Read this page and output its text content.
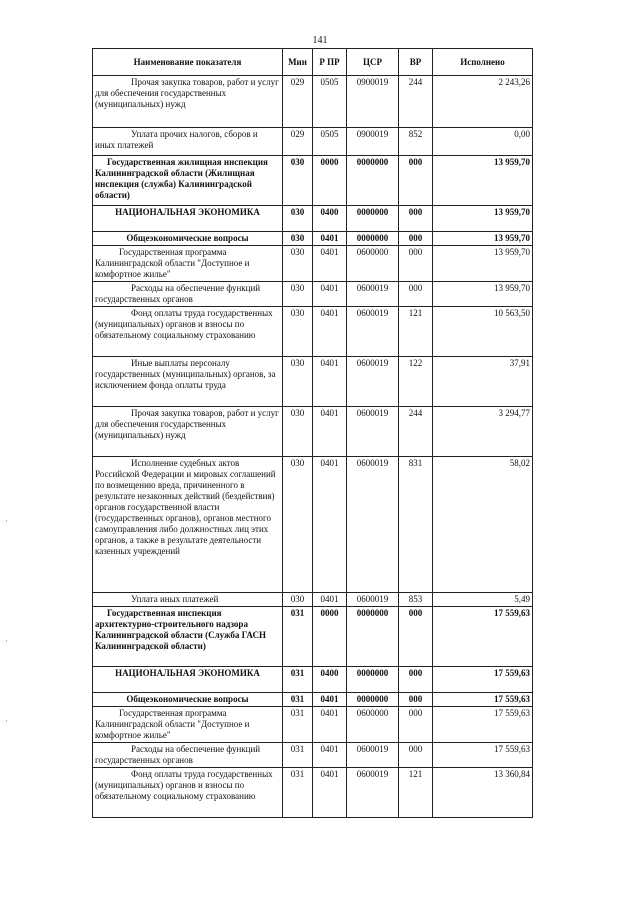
141
Наименование показателя	Мин	Р ПР	ЦСР	ВР	Исполнено
Прочая закупка товаров, работ и услуг для обеспечения государственных (муниципальных) нужд	029	0505	0900019	244	2 243,26
Уплата прочих налогов, сборов и иных платежей	029	0505	0900019	852	0,00
Государственная жилищная инспекция Калининградской области (Жилищная инспекция (служба) Калининградской области)	030	0000	0000000	000	13 959,70
НАЦИОНАЛЬНАЯ ЭКОНОМИКА	030	0400	0000000	000	13 959,70
Общеэкономические вопросы	030	0401	0000000	000	13 959,70
Государственная программа Калининградской области "Доступное и комфортное жилье"	030	0401	0600000	000	13 959,70
Расходы на обеспечение функций государственных органов	030	0401	0600019	000	13 959,70
Фонд оплаты труда государственных (муниципальных) органов и взносы по обязательному социальному страхованию	030	0401	0600019	121	10 563,50
Иные выплаты персоналу государственных (муниципальных) органов, за исключением фонда оплаты труда	030	0401	0600019	122	37,91
Прочая закупка товаров, работ и услуг для обеспечения государственных (муниципальных) нужд	030	0401	0600019	244	3 294,77
Исполнение судебных актов Российской Федерации и мировых соглашений по возмещению вреда, причиненного в результате незаконных действий (бездействия) органов государственной власти (государственных органов), органов местного самоуправления либо должностных лиц этих органов, а также в результате деятельности казенных учреждений	030	0401	0600019	831	58,02
Уплата иных платежей	030	0401	0600019	853	5,49
Государственная инспекция архитектурно-строительного надзора Калининградской области (Служба ГАСН Калининградской области)	031	0000	0000000	000	17 559,63
НАЦИОНАЛЬНАЯ ЭКОНОМИКА	031	0400	0000000	000	17 559,63
Общеэкономические вопросы	031	0401	0000000	000	17 559,63
Государственная программа Калининградской области "Доступное и комфортное жилье"	031	0401	0600000	000	17 559,63
Расходы на обеспечение функций государственных органов	031	0401	0600019	000	17 559,63
Фонд оплаты труда государственных (муниципальных) органов и взносы по обязательному социальному страхованию	031	0401	0600019	121	13 360,84
